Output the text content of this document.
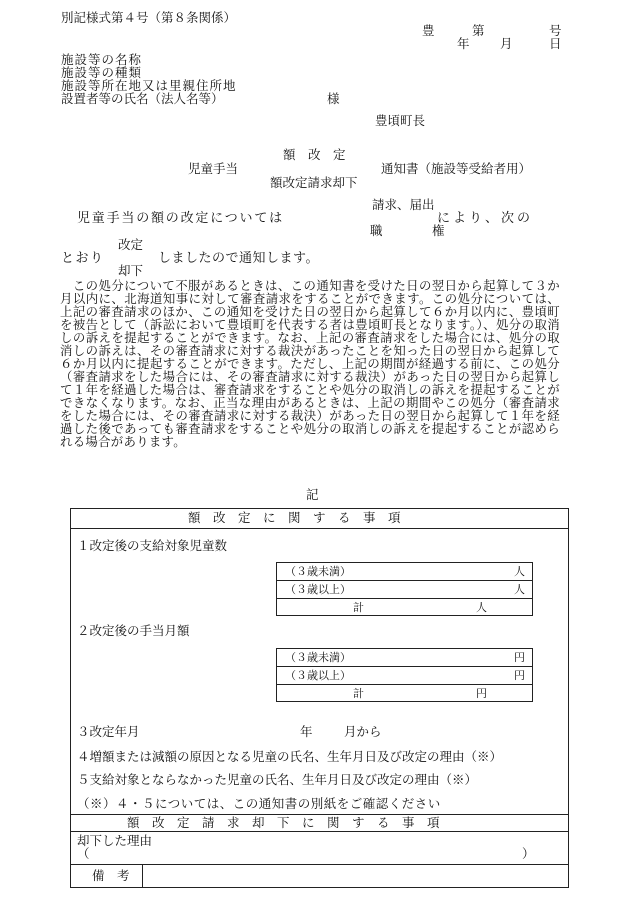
別記様式第４号（第８条関係）
豊	第	号
年 月	日
施設等の名称
施設等の種類
施設等所在地又は里親住所地
設置者等の氏名（法人名等）	様
豊頃町長
額　改　定
児童手当	通知書（施設等受給者用）
額改定請求却下
請求、届出
児童手当の額の改定については	により、次の
職	権
改定
とおり	しましたので通知します。
却下
　この処分について不服があるときは、この通知書を受けた日の翌日から起算して３か月以内に、北海道知事に対して審査請求をすることができます。この処分については、上記の審査請求のほか、この通知を受けた日の翌日から起算して６か月以内に、豊頃町を被告として（訴訟において豊頃町を代表する者は豊頃町長となります。）、処分の取消しの訴えを提起することができます。なお、上記の審査請求をした場合には、処分の取消しの訴えは、その審査請求に対する裁決があったことを知った日の翌日から起算して６か月以内に提起することができます。ただし、上記の期間が経過する前に、この処分（審査請求をした場合には、その審査請求に対する裁決）があった日の翌日から起算して１年を経過した場合は、審査請求をすることや処分の取消しの訴えを提起することができなくなります。なお、正当な理由があるときは、上記の期間やこの処分（審査請求をした場合には、その審査請求に対する裁決）があった日の翌日から起算して１年を経過した後であっても審査請求をすることや処分の取消しの訴えを提起することが認められる場合があります。
記
額　改　定　に　関　す　る　事　項
１改定後の支給対象児童数
（３歳未満）	人
（３歳以上）	人
計	人
２改定後の手当月額
（３歳未満）	円
（３歳以上）	円
計	円
３改定年月	年	月から
４増額または減額の原因となる児童の氏名、生年月日及び改定の理由（※）
５支給対象とならなかった児童の氏名、生年月日及び改定の理由（※）
（※）４・５については、この通知書の別紙をご確認ください
額　改　定　請　求　却　下　に　関　す　る　事　項
却下した理由
（	）
備　考
